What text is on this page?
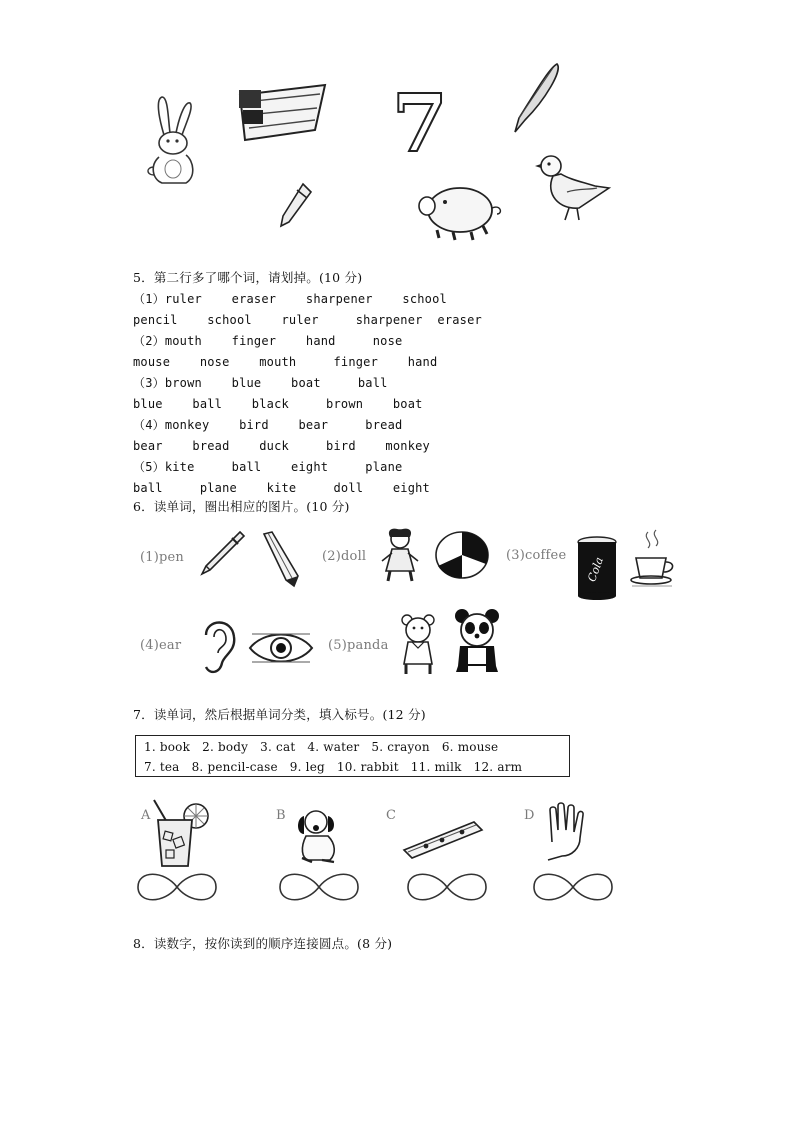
7
5．第二行多了哪个词，请划掉。(10 分)
（1）ruler    eraser    sharpener    school
pencil    school    ruler     sharpener  eraser
（2）mouth    finger    hand     nose
mouse    nose    mouth     finger    hand
（3）brown    blue    boat     ball
blue    ball    black     brown    boat
（4）monkey    bird    bear     bread
bear    bread    duck     bird    monkey
（5）kite     ball    eight     plane
ball     plane    kite     doll    eight
6．读单词，圈出相应的图片。(10 分)
(1)pen	(2)doll	(3)coffee Cola
(4)ear	(5)panda
7．读单词，然后根据单词分类，填入标号。(12 分)
1. book   2. body   3. cat   4. water   5. crayon   6. mouse
7. tea   8. pencil-case   9. leg   10. rabbit   11. milk   12. arm
A	B	C	D
8．读数字，按你读到的顺序连接圆点。(8 分)
